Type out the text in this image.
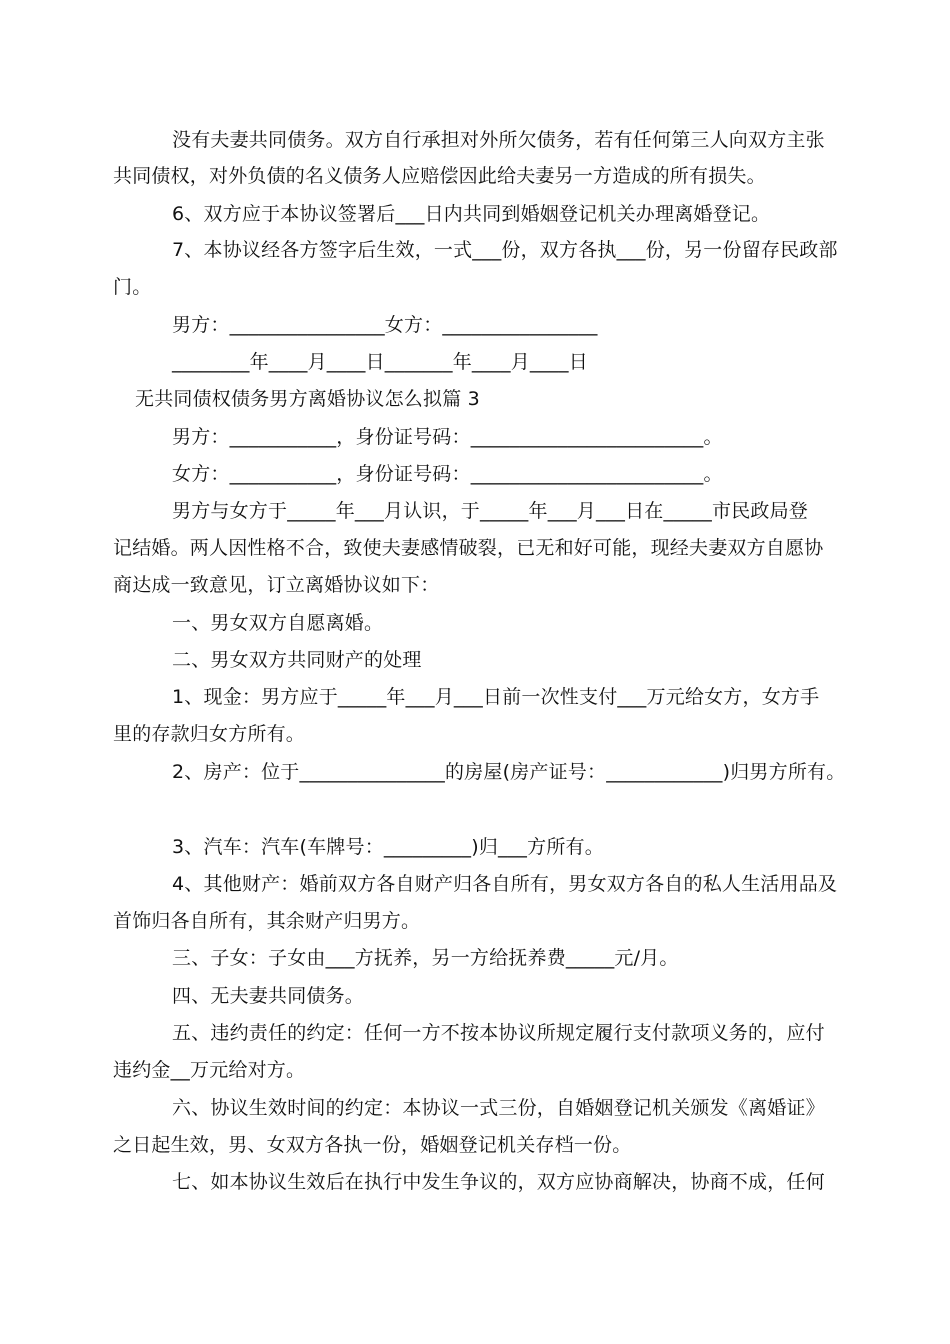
没有夫妻共同债务。双方自行承担对外所欠债务，若有任何第三人向双方主张
共同债权，对外负债的名义债务人应赔偿因此给夫妻另一方造成的所有损失。
6、双方应于本协议签署后___日内共同到婚姻登记机关办理离婚登记。
7、本协议经各方签字后生效，一式___份，双方各执___份，另一份留存民政部
门。
男方：________________女方：________________
________年____月____日_______年____月____日
无共同债权债务男方离婚协议怎么拟篇 3
男方：___________，身份证号码：________________________。
女方：___________，身份证号码：________________________。
男方与女方于_____年___月认识，于_____年___月___日在_____市民政局登
记结婚。两人因性格不合，致使夫妻感情破裂，已无和好可能，现经夫妻双方自愿协
商达成一致意见，订立离婚协议如下：
一、男女双方自愿离婚。
二、男女双方共同财产的处理
1、现金：男方应于_____年___月___日前一次性支付___万元给女方，女方手
里的存款归女方所有。
2、房产：位于_______________的房屋(房产证号：____________)归男方所有。
3、汽车：汽车(车牌号：_________)归___方所有。
4、其他财产：婚前双方各自财产归各自所有，男女双方各自的私人生活用品及
首饰归各自所有，其余财产归男方。
三、子女：子女由___方抚养，另一方给抚养费_____元/月。
四、无夫妻共同债务。
五、违约责任的约定：任何一方不按本协议所规定履行支付款项义务的，应付
违约金__万元给对方。
六、协议生效时间的约定：本协议一式三份，自婚姻登记机关颁发《离婚证》
之日起生效，男、女双方各执一份，婚姻登记机关存档一份。
七、如本协议生效后在执行中发生争议的，双方应协商解决，协商不成，任何
